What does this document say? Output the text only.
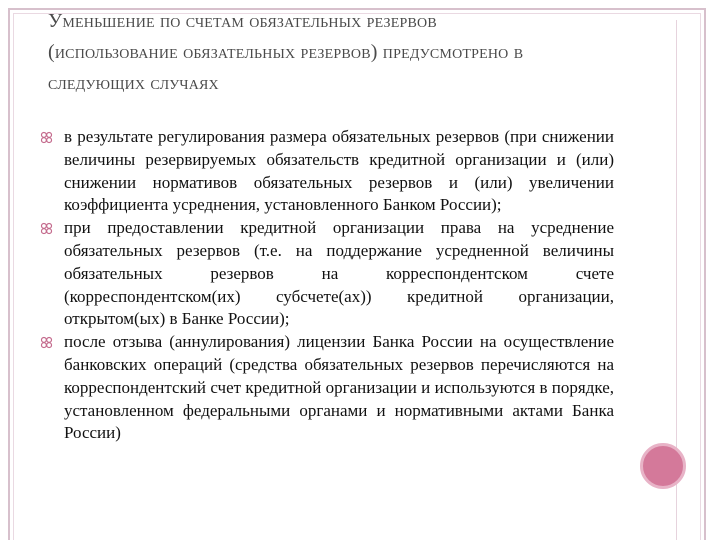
Уменьшение по счетам обязательных резервов (использование обязательных резервов) предусмотрено в следующих случаях
в результате регулирования размера обязательных резервов (при снижении величины резервируемых обязательств кредитной организации и (или) снижении нормативов обязательных резервов и (или) увеличении коэффициента усреднения, установленного Банком России);
при предоставлении кредитной организации права на усреднение обязательных резервов (т.е. на поддержание усредненной величины обязательных резервов на корреспондентском счете (корреспондентском(их) субсчете(ах)) кредитной организации, открытом(ых) в Банке России);
после отзыва (аннулирования) лицензии Банка России на осуществление банковских операций (средства обязательных резервов перечисляются на корреспондентский счет кредитной организации и используются в порядке, установленном федеральными органами и нормативными актами Банка России)
